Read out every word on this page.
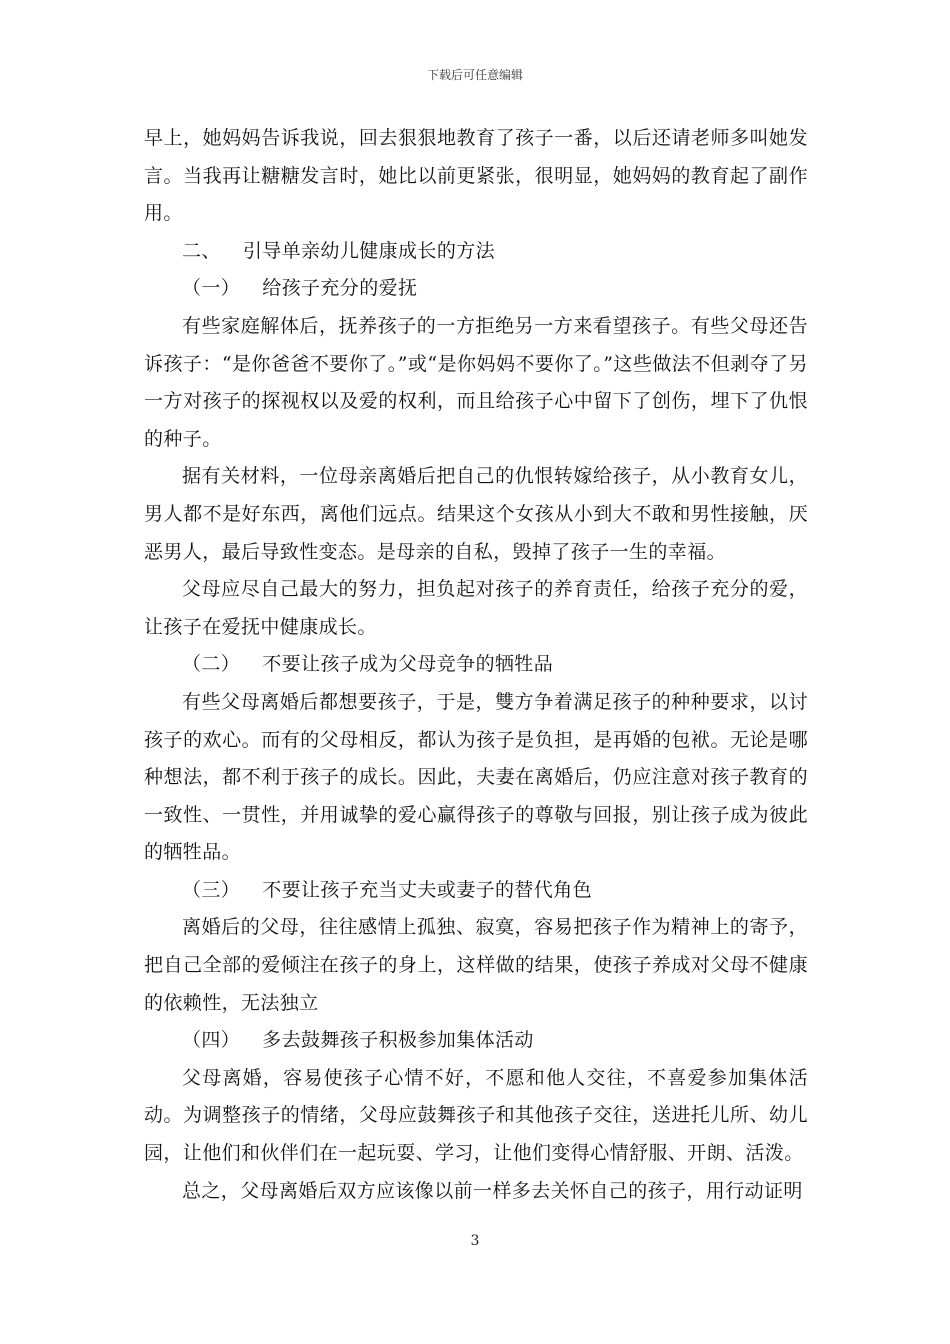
下载后可任意编辑

早上，她妈妈告诉我说，回去狠狠地教育了孩子一番，以后还请老师多叫她发言。当我再让糖糖发言时，她比以前更紧张，很明显，她妈妈的教育起了副作用。

二、 引导单亲幼儿健康成长的方法

（一） 给孩子充分的爱抚

有些家庭解体后，抚养孩子的一方拒绝另一方来看望孩子。有些父母还告诉孩子：“是你爸爸不要你了。”或“是你妈妈不要你了。”这些做法不但剥夺了另一方对孩子的探视权以及爱的权利，而且给孩子心中留下了创伤，埋下了仇恨的种子。

据有关材料，一位母亲离婚后把自己的仇恨转嫁给孩子，从小教育女儿，男人都不是好东西，离他们远点。结果这个女孩从小到大不敢和男性接触，厌恶男人，最后导致性变态。是母亲的自私，毁掉了孩子一生的幸福。

父母应尽自己最大的努力，担负起对孩子的养育责任，给孩子充分的爱，让孩子在爱抚中健康成长。

（二） 不要让孩子成为父母竞争的牺牲品

有些父母离婚后都想要孩子，于是，雙方争着满足孩子的种种要求，以讨孩子的欢心。而有的父母相反，都认为孩子是负担，是再婚的包袱。无论是哪种想法，都不利于孩子的成长。因此，夫妻在离婚后，仍应注意对孩子教育的一致性、一贯性，并用诚挚的爱心赢得孩子的尊敬与回报，别让孩子成为彼此的牺牲品。

（三） 不要让孩子充当丈夫或妻子的替代角色

离婚后的父母，往往感情上孤独、寂寞，容易把孩子作为精神上的寄予，把自己全部的爱倾注在孩子的身上，这样做的结果，使孩子养成对父母不健康的依赖性，无法独立

（四） 多去鼓舞孩子积极参加集体活动

父母离婚，容易使孩子心情不好，不愿和他人交往，不喜爱参加集体活动。为调整孩子的情绪，父母应鼓舞孩子和其他孩子交往，送进托儿所、幼儿园，让他们和伙伴们在一起玩耍、学习，让他们变得心情舒服、开朗、活泼。

总之，父母离婚后双方应该像以前一样多去关怀自己的孩子，用行动证明

3
